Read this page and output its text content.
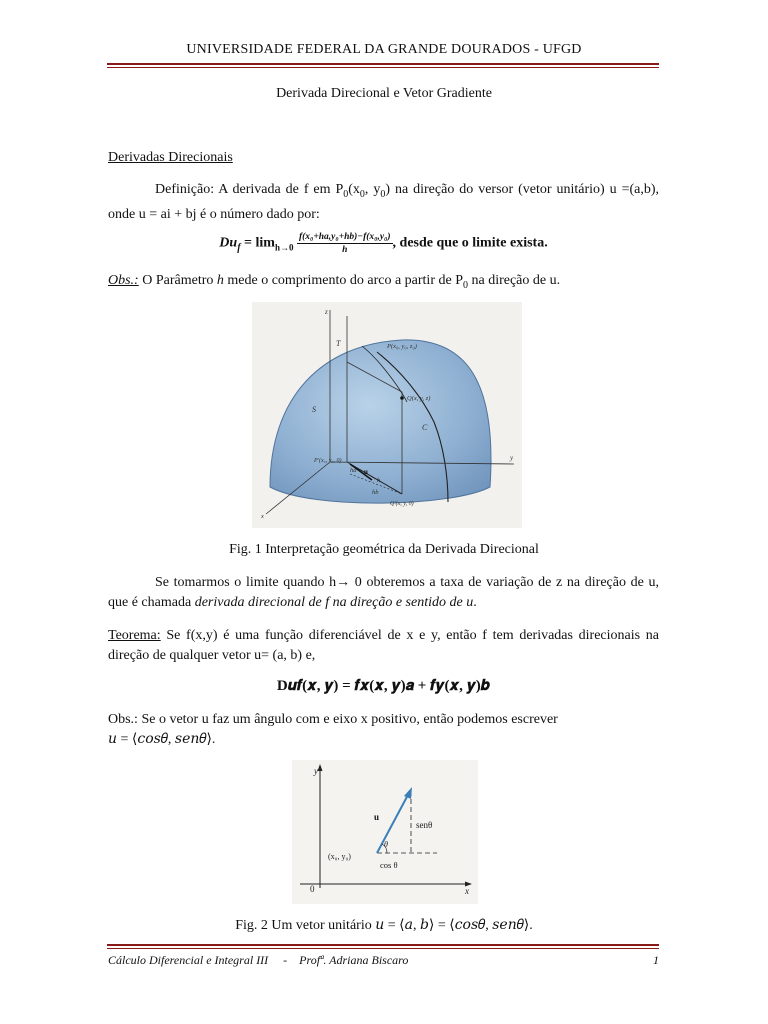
UNIVERSIDADE FEDERAL DA GRANDE DOURADOS - UFGD
Derivada Direcional e Vetor Gradiente
Derivadas Direcionais
Definição: A derivada de f em $P_0(x_0$, $y_0$) na direção do versor (vetor unitário) u =(a,b), onde u = ai + bj é o número dado por:
$Du_f = \lim_{h\to 0} \frac{\text{f(x₀+ha,y₀+hb)−f(x₀,y₀)}}{h}$ , desde que o limite exista.
Obs.: O Parâmetro h mede o comprimento do arco a partir de $P_0$ na direção de u.
z
T	P(x₀, y₀, z₀)
Q(x, y, z)
S
C
y
P′(x₀, y₀, 0)
ha
h
u
hb
Q′(x, y, 0)
x
Fig. 1 Interpretação geométrica da Derivada Direcional
Se tomarmos o limite quando h→ 0 obteremos a taxa de variação de z na direção de u, que é chamada derivada direcional de f na direção e sentido de u.
Teorema: Se f(x,y) é uma função diferenciável de x e y, então f tem derivadas direcionais na direção de qualquer vetor u= (a, b) e,
D𝒖𝒇(𝒙, 𝒚) = 𝒇𝒙(𝒙, 𝒚)𝒂 + 𝒇𝒚(𝒙, 𝒚)𝒃
Obs.: Se o vetor u faz um ângulo com e eixo x positivo, então podemos escrever
𝑢 = ⟨𝑐𝑜𝑠𝜃, 𝑠𝑒𝑛𝜃⟩.
y
u
senθ
θ
(x₀, y₀)
cos θ
0	x
Fig. 2 Um vetor unitário 𝑢 = ⟨𝑎, 𝑏⟩ = ⟨𝑐𝑜𝑠𝜃, 𝑠𝑒𝑛𝜃⟩.
Cálculo Diferencial e Integral III     -    Profª. Adriana Biscaro	1
